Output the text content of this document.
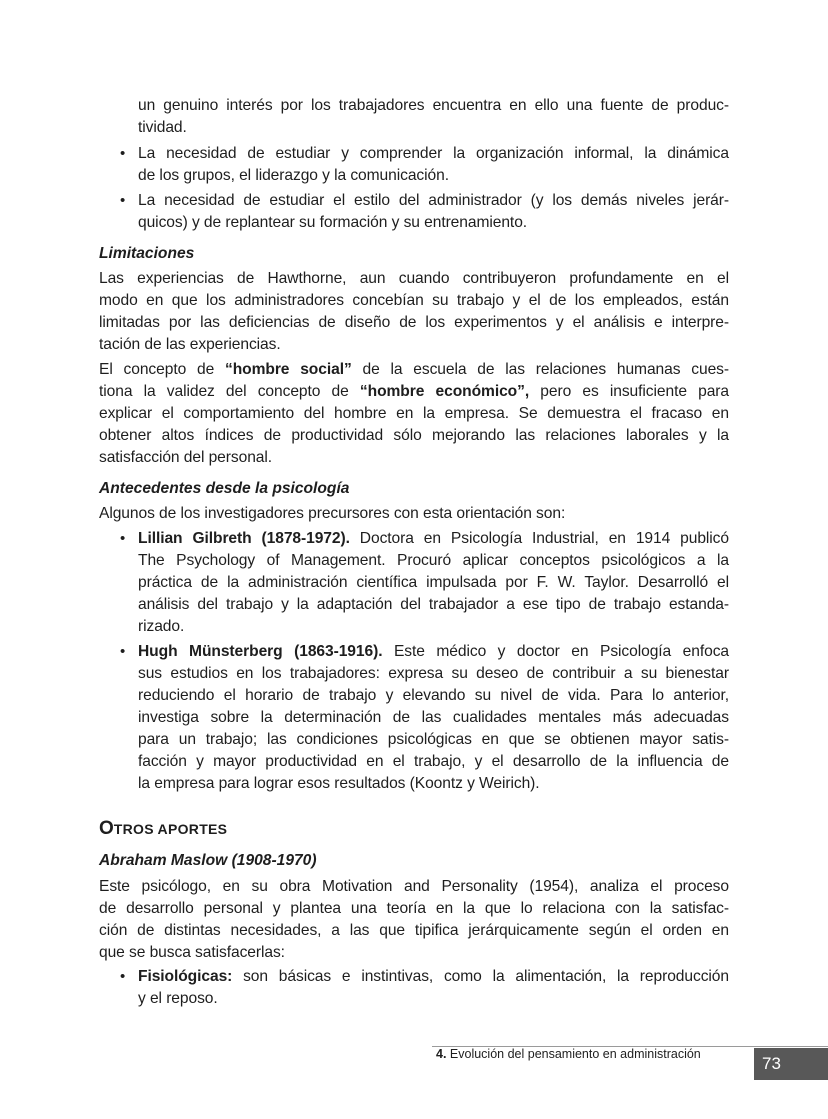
un genuino interés por los trabajadores encuentra en ello una fuente de produc-
tividad.
• La necesidad de estudiar y comprender la organización informal, la dinámica
de los grupos, el liderazgo y la comunicación.
• La necesidad de estudiar el estilo del administrador (y los demás niveles jerár-
quicos) y de replantear su formación y su entrenamiento.
Limitaciones
Las experiencias de Hawthorne, aun cuando contribuyeron profundamente en el
modo en que los administradores concebían su trabajo y el de los empleados, están
limitadas por las deficiencias de diseño de los experimentos y el análisis e interpre-
tación de las experiencias.
El concepto de “hombre social” de la escuela de las relaciones humanas cues-
tiona la validez del concepto de “hombre económico”, pero es insuficiente para
explicar el comportamiento del hombre en la empresa. Se demuestra el fracaso en
obtener altos índices de productividad sólo mejorando las relaciones laborales y la
satisfacción del personal.
Antecedentes desde la psicología
Algunos de los investigadores precursores con esta orientación son:
• Lillian Gilbreth (1878-1972). Doctora en Psicología Industrial, en 1914 publicó
The Psychology of Management. Procuró aplicar conceptos psicológicos a la
práctica de la administración científica impulsada por F. W. Taylor. Desarrolló el
análisis del trabajo y la adaptación del trabajador a ese tipo de trabajo estanda-
rizado.
• Hugh Münsterberg (1863-1916). Este médico y doctor en Psicología enfoca
sus estudios en los trabajadores: expresa su deseo de contribuir a su bienestar
reduciendo el horario de trabajo y elevando su nivel de vida. Para lo anterior,
investiga sobre la determinación de las cualidades mentales más adecuadas
para un trabajo; las condiciones psicológicas en que se obtienen mayor satis-
facción y mayor productividad en el trabajo, y el desarrollo de la influencia de
la empresa para lograr esos resultados (Koontz y Weirich).
OTROS APORTES
Abraham Maslow (1908-1970)
Este psicólogo, en su obra Motivation and Personality (1954), analiza el proceso
de desarrollo personal y plantea una teoría en la que lo relaciona con la satisfac-
ción de distintas necesidades, a las que tipifica jerárquicamente según el orden en
que se busca satisfacerlas:
• Fisiológicas: son básicas e instintivas, como la alimentación, la reproducción
y el reposo.
4. Evolución del pensamiento en administración	73
